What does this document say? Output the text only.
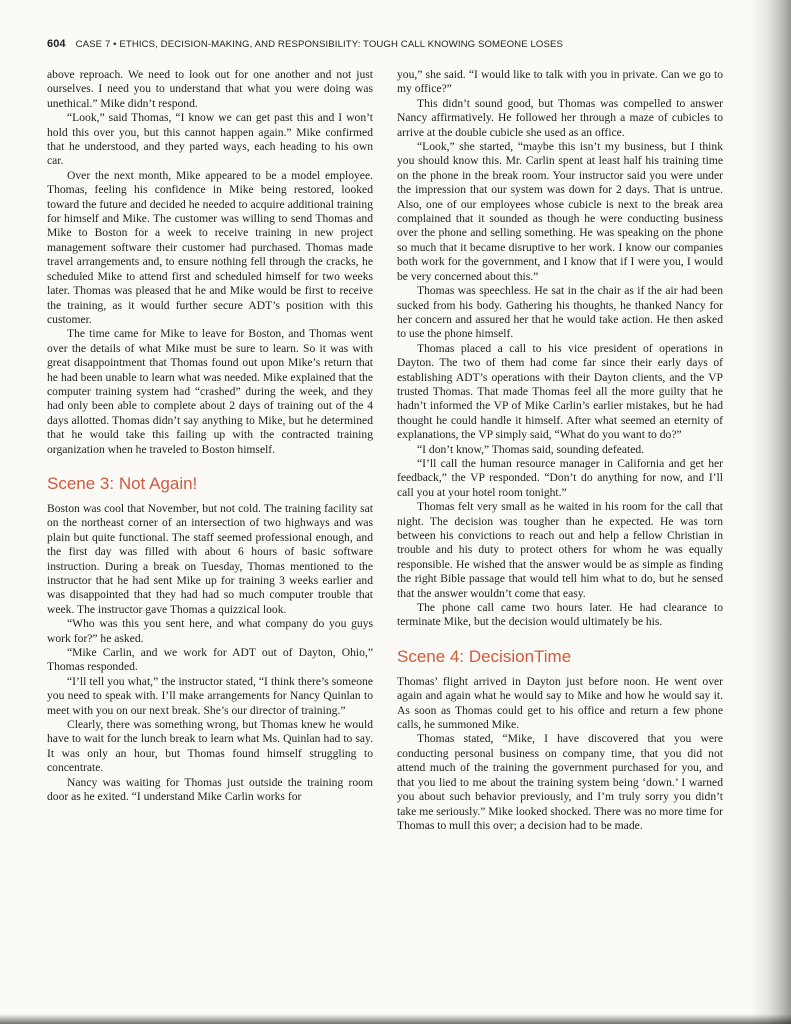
604 CASE 7 • ETHICS, DECISION-MAKING, AND RESPONSIBILITY: TOUGH CALL KNOWING SOMEONE LOSES

above reproach. We need to look out for one another and not just ourselves. I need you to understand that what you were doing was unethical.” Mike didn’t respond.

“Look,” said Thomas, “I know we can get past this and I won’t hold this over you, but this cannot happen again.” Mike confirmed that he understood, and they parted ways, each heading to his own car.

Over the next month, Mike appeared to be a model employee. Thomas, feeling his confidence in Mike being restored, looked toward the future and decided he needed to acquire additional training for himself and Mike. The customer was willing to send Thomas and Mike to Boston for a week to receive training in new project management software their customer had purchased. Thomas made travel arrangements and, to ensure nothing fell through the cracks, he scheduled Mike to attend first and scheduled himself for two weeks later. Thomas was pleased that he and Mike would be first to receive the training, as it would further secure ADT’s position with this customer.

The time came for Mike to leave for Boston, and Thomas went over the details of what Mike must be sure to learn. So it was with great disappointment that Thomas found out upon Mike’s return that he had been unable to learn what was needed. Mike explained that the computer training system had “crashed” during the week, and they had only been able to complete about 2 days of training out of the 4 days allotted. Thomas didn’t say anything to Mike, but he determined that he would take this failing up with the contracted training organization when he traveled to Boston himself.

Scene 3: Not Again!

Boston was cool that November, but not cold. The training facility sat on the northeast corner of an intersection of two highways and was plain but quite functional. The staff seemed professional enough, and the first day was filled with about 6 hours of basic software instruction. During a break on Tuesday, Thomas mentioned to the instructor that he had sent Mike up for training 3 weeks earlier and was disappointed that they had had so much computer trouble that week. The instructor gave Thomas a quizzical look.

“Who was this you sent here, and what company do you guys work for?” he asked.

“Mike Carlin, and we work for ADT out of Dayton, Ohio,” Thomas responded.

“I’ll tell you what,” the instructor stated, “I think there’s someone you need to speak with. I’ll make arrangements for Nancy Quinlan to meet with you on our next break. She’s our director of training.”

Clearly, there was something wrong, but Thomas knew he would have to wait for the lunch break to learn what Ms. Quinlan had to say. It was only an hour, but Thomas found himself struggling to concentrate.

Nancy was waiting for Thomas just outside the training room door as he exited. “I understand Mike Carlin works for

you,” she said. “I would like to talk with you in private. Can we go to my office?”

This didn’t sound good, but Thomas was compelled to answer Nancy affirmatively. He followed her through a maze of cubicles to arrive at the double cubicle she used as an office.

“Look,” she started, “maybe this isn’t my business, but I think you should know this. Mr. Carlin spent at least half his training time on the phone in the break room. Your instructor said you were under the impression that our system was down for 2 days. That is untrue. Also, one of our employees whose cubicle is next to the break area complained that it sounded as though he were conducting business over the phone and selling something. He was speaking on the phone so much that it became disruptive to her work. I know our companies both work for the government, and I know that if I were you, I would be very concerned about this.”

Thomas was speechless. He sat in the chair as if the air had been sucked from his body. Gathering his thoughts, he thanked Nancy for her concern and assured her that he would take action. He then asked to use the phone himself.

Thomas placed a call to his vice president of operations in Dayton. The two of them had come far since their early days of establishing ADT’s operations with their Dayton clients, and the VP trusted Thomas. That made Thomas feel all the more guilty that he hadn’t informed the VP of Mike Carlin’s earlier mistakes, but he had thought he could handle it himself. After what seemed an eternity of explanations, the VP simply said, “What do you want to do?”

“I don’t know,” Thomas said, sounding defeated.

“I’ll call the human resource manager in California and get her feedback,” the VP responded. “Don’t do anything for now, and I’ll call you at your hotel room tonight.”

Thomas felt very small as he waited in his room for the call that night. The decision was tougher than he expected. He was torn between his convictions to reach out and help a fellow Christian in trouble and his duty to protect others for whom he was equally responsible. He wished that the answer would be as simple as finding the right Bible passage that would tell him what to do, but he sensed that the answer wouldn’t come that easy.

The phone call came two hours later. He had clearance to terminate Mike, but the decision would ultimately be his.

Scene 4: DecisionTime

Thomas’ flight arrived in Dayton just before noon. He went over again and again what he would say to Mike and how he would say it. As soon as Thomas could get to his office and return a few phone calls, he summoned Mike.

Thomas stated, “Mike, I have discovered that you were conducting personal business on company time, that you did not attend much of the training the government purchased for you, and that you lied to me about the training system being ‘down.’ I warned you about such behavior previously, and I’m truly sorry you didn’t take me seriously.” Mike looked shocked. There was no more time for Thomas to mull this over; a decision had to be made.
